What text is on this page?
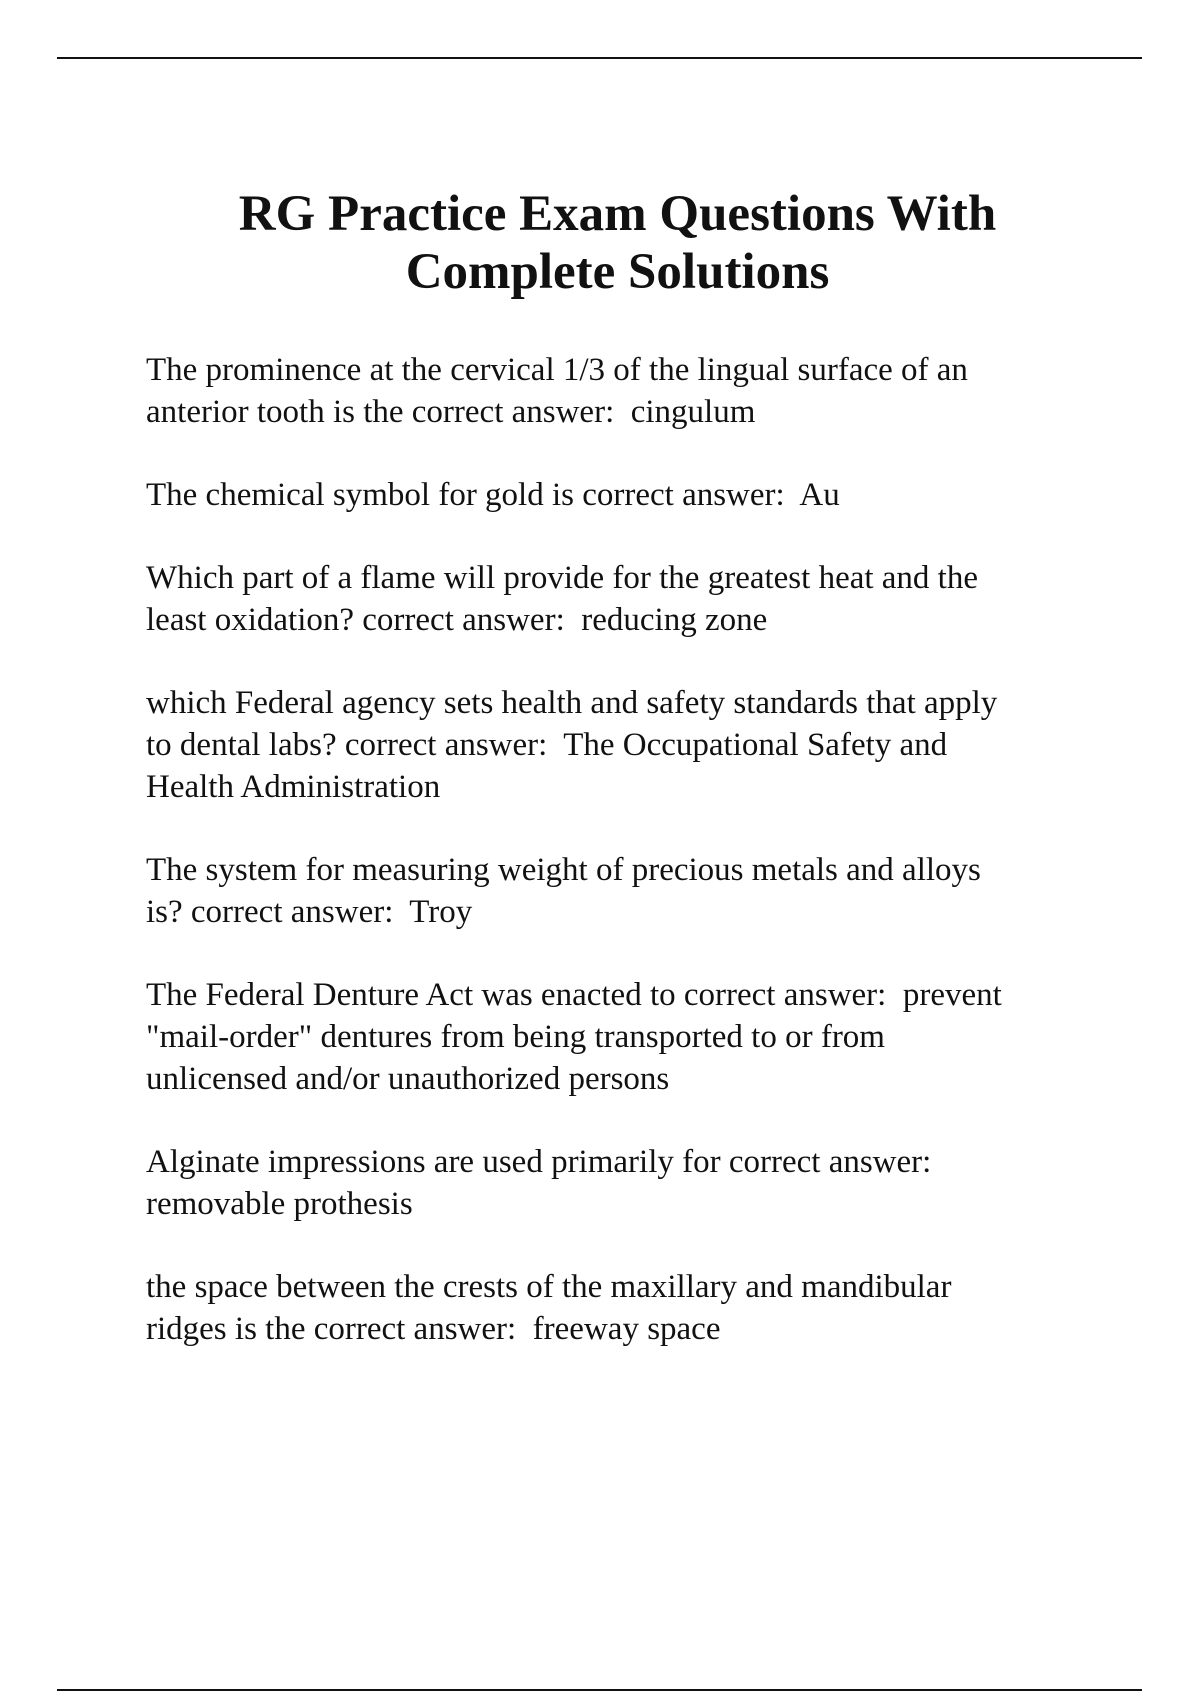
RG Practice Exam Questions With
Complete Solutions
The prominence at the cervical 1/3 of the lingual surface of an
anterior tooth is the correct answer:  cingulum
The chemical symbol for gold is correct answer:  Au
Which part of a flame will provide for the greatest heat and the
least oxidation? correct answer:  reducing zone
which Federal agency sets health and safety standards that apply
to dental labs? correct answer:  The Occupational Safety and
Health Administration
The system for measuring weight of precious metals and alloys
is? correct answer:  Troy
The Federal Denture Act was enacted to correct answer:  prevent
"mail-order" dentures from being transported to or from
unlicensed and/or unauthorized persons
Alginate impressions are used primarily for correct answer:
removable prothesis
the space between the crests of the maxillary and mandibular
ridges is the correct answer:  freeway space
